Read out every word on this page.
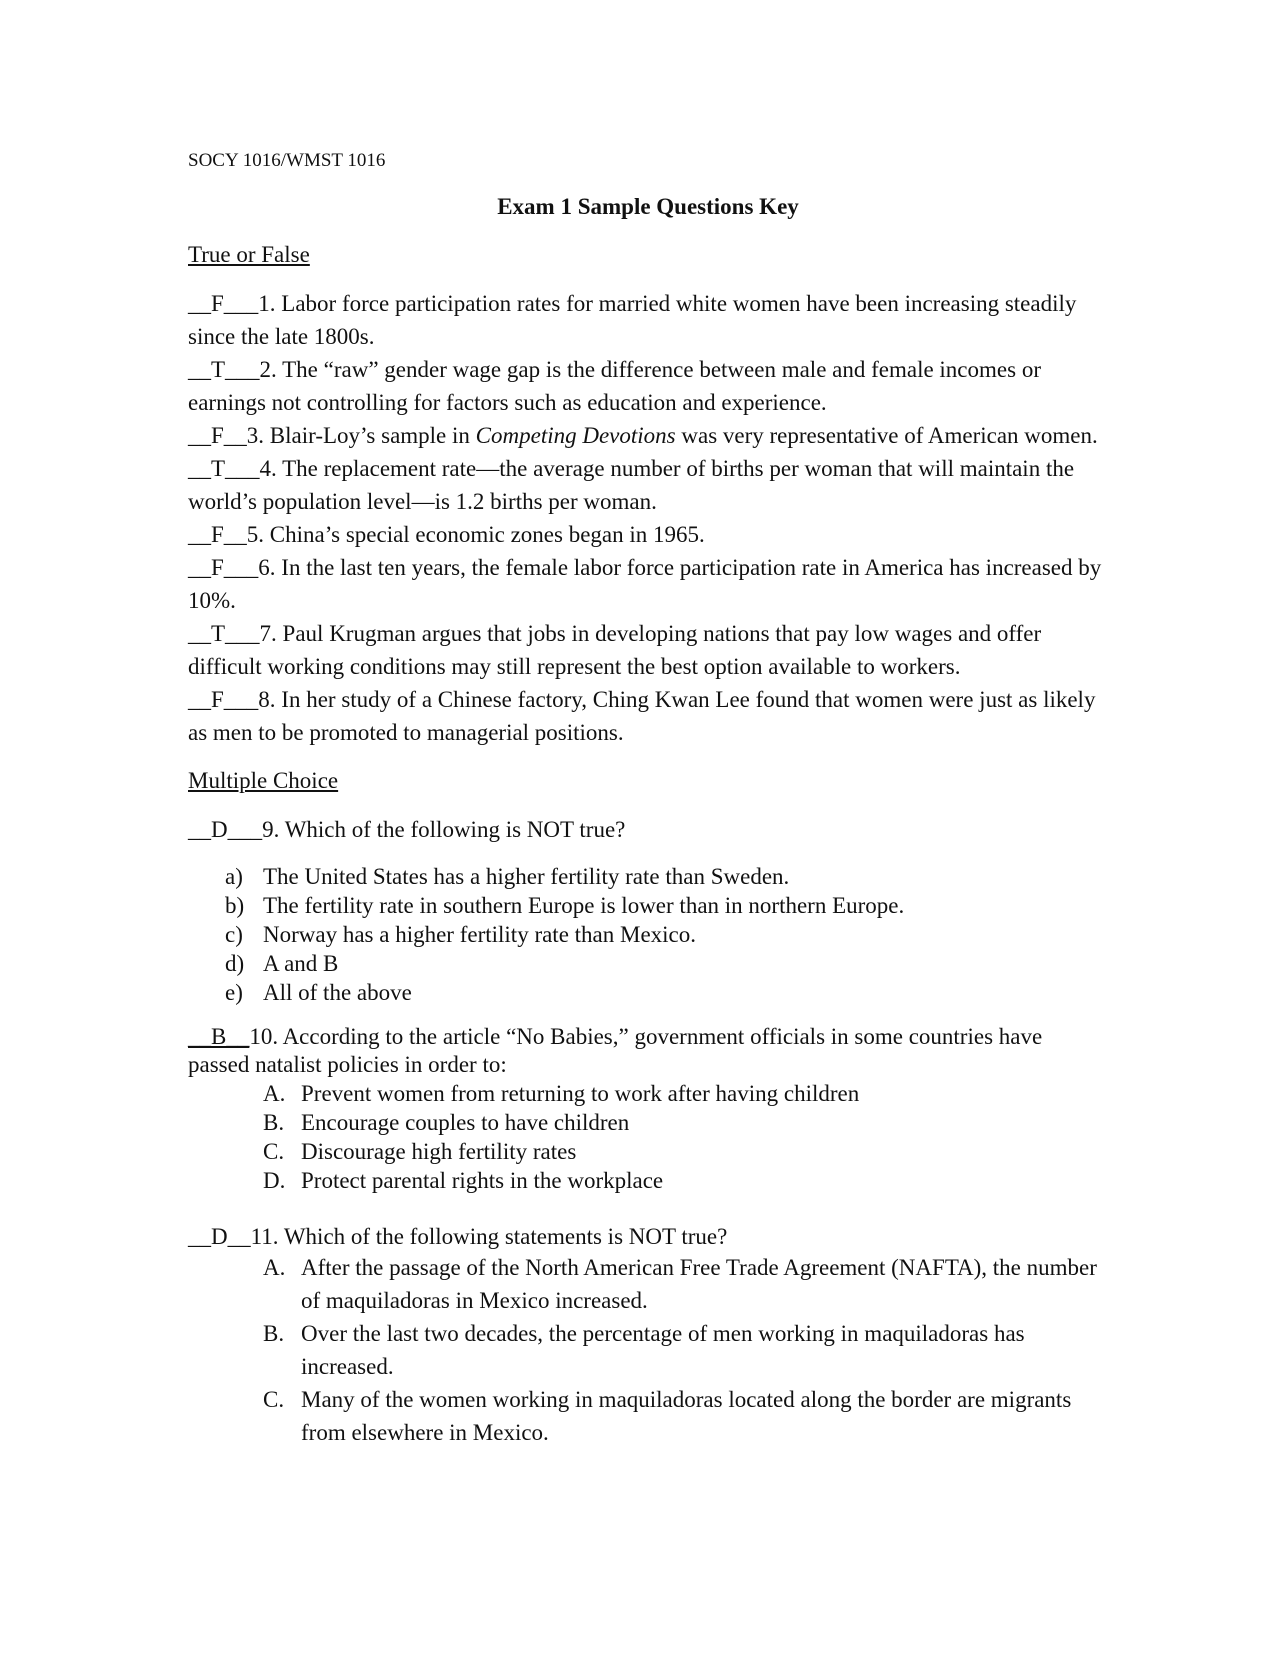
SOCY 1016/WMST 1016
Exam 1 Sample Questions Key
True or False
__F___1. Labor force participation rates for married white women have been increasing steadily since the late 1800s.
__T___2. The “raw” gender wage gap is the difference between male and female incomes or earnings not controlling for factors such as education and experience.
__F__3. Blair-Loy’s sample in Competing Devotions was very representative of American women.
__T___4. The replacement rate—the average number of births per woman that will maintain the world’s population level—is 1.2 births per woman.
__F__5. China’s special economic zones began in 1965.
__F___6. In the last ten years, the female labor force participation rate in America has increased by 10%.
__T___7. Paul Krugman argues that jobs in developing nations that pay low wages and offer difficult working conditions may still represent the best option available to workers.
__F___8. In her study of a Chinese factory, Ching Kwan Lee found that women were just as likely as men to be promoted to managerial positions.
Multiple Choice
__D___9. Which of the following is NOT true?
a) The United States has a higher fertility rate than Sweden.
b) The fertility rate in southern Europe is lower than in northern Europe.
c) Norway has a higher fertility rate than Mexico.
d) A and B
e) All of the above
__B__10. According to the article “No Babies,” government officials in some countries have passed natalist policies in order to:
A. Prevent women from returning to work after having children
B. Encourage couples to have children
C. Discourage high fertility rates
D. Protect parental rights in the workplace
__D__11. Which of the following statements is NOT true?
A. After the passage of the North American Free Trade Agreement (NAFTA), the number of maquiladoras in Mexico increased.
B. Over the last two decades, the percentage of men working in maquiladoras has increased.
C. Many of the women working in maquiladoras located along the border are migrants from elsewhere in Mexico.
